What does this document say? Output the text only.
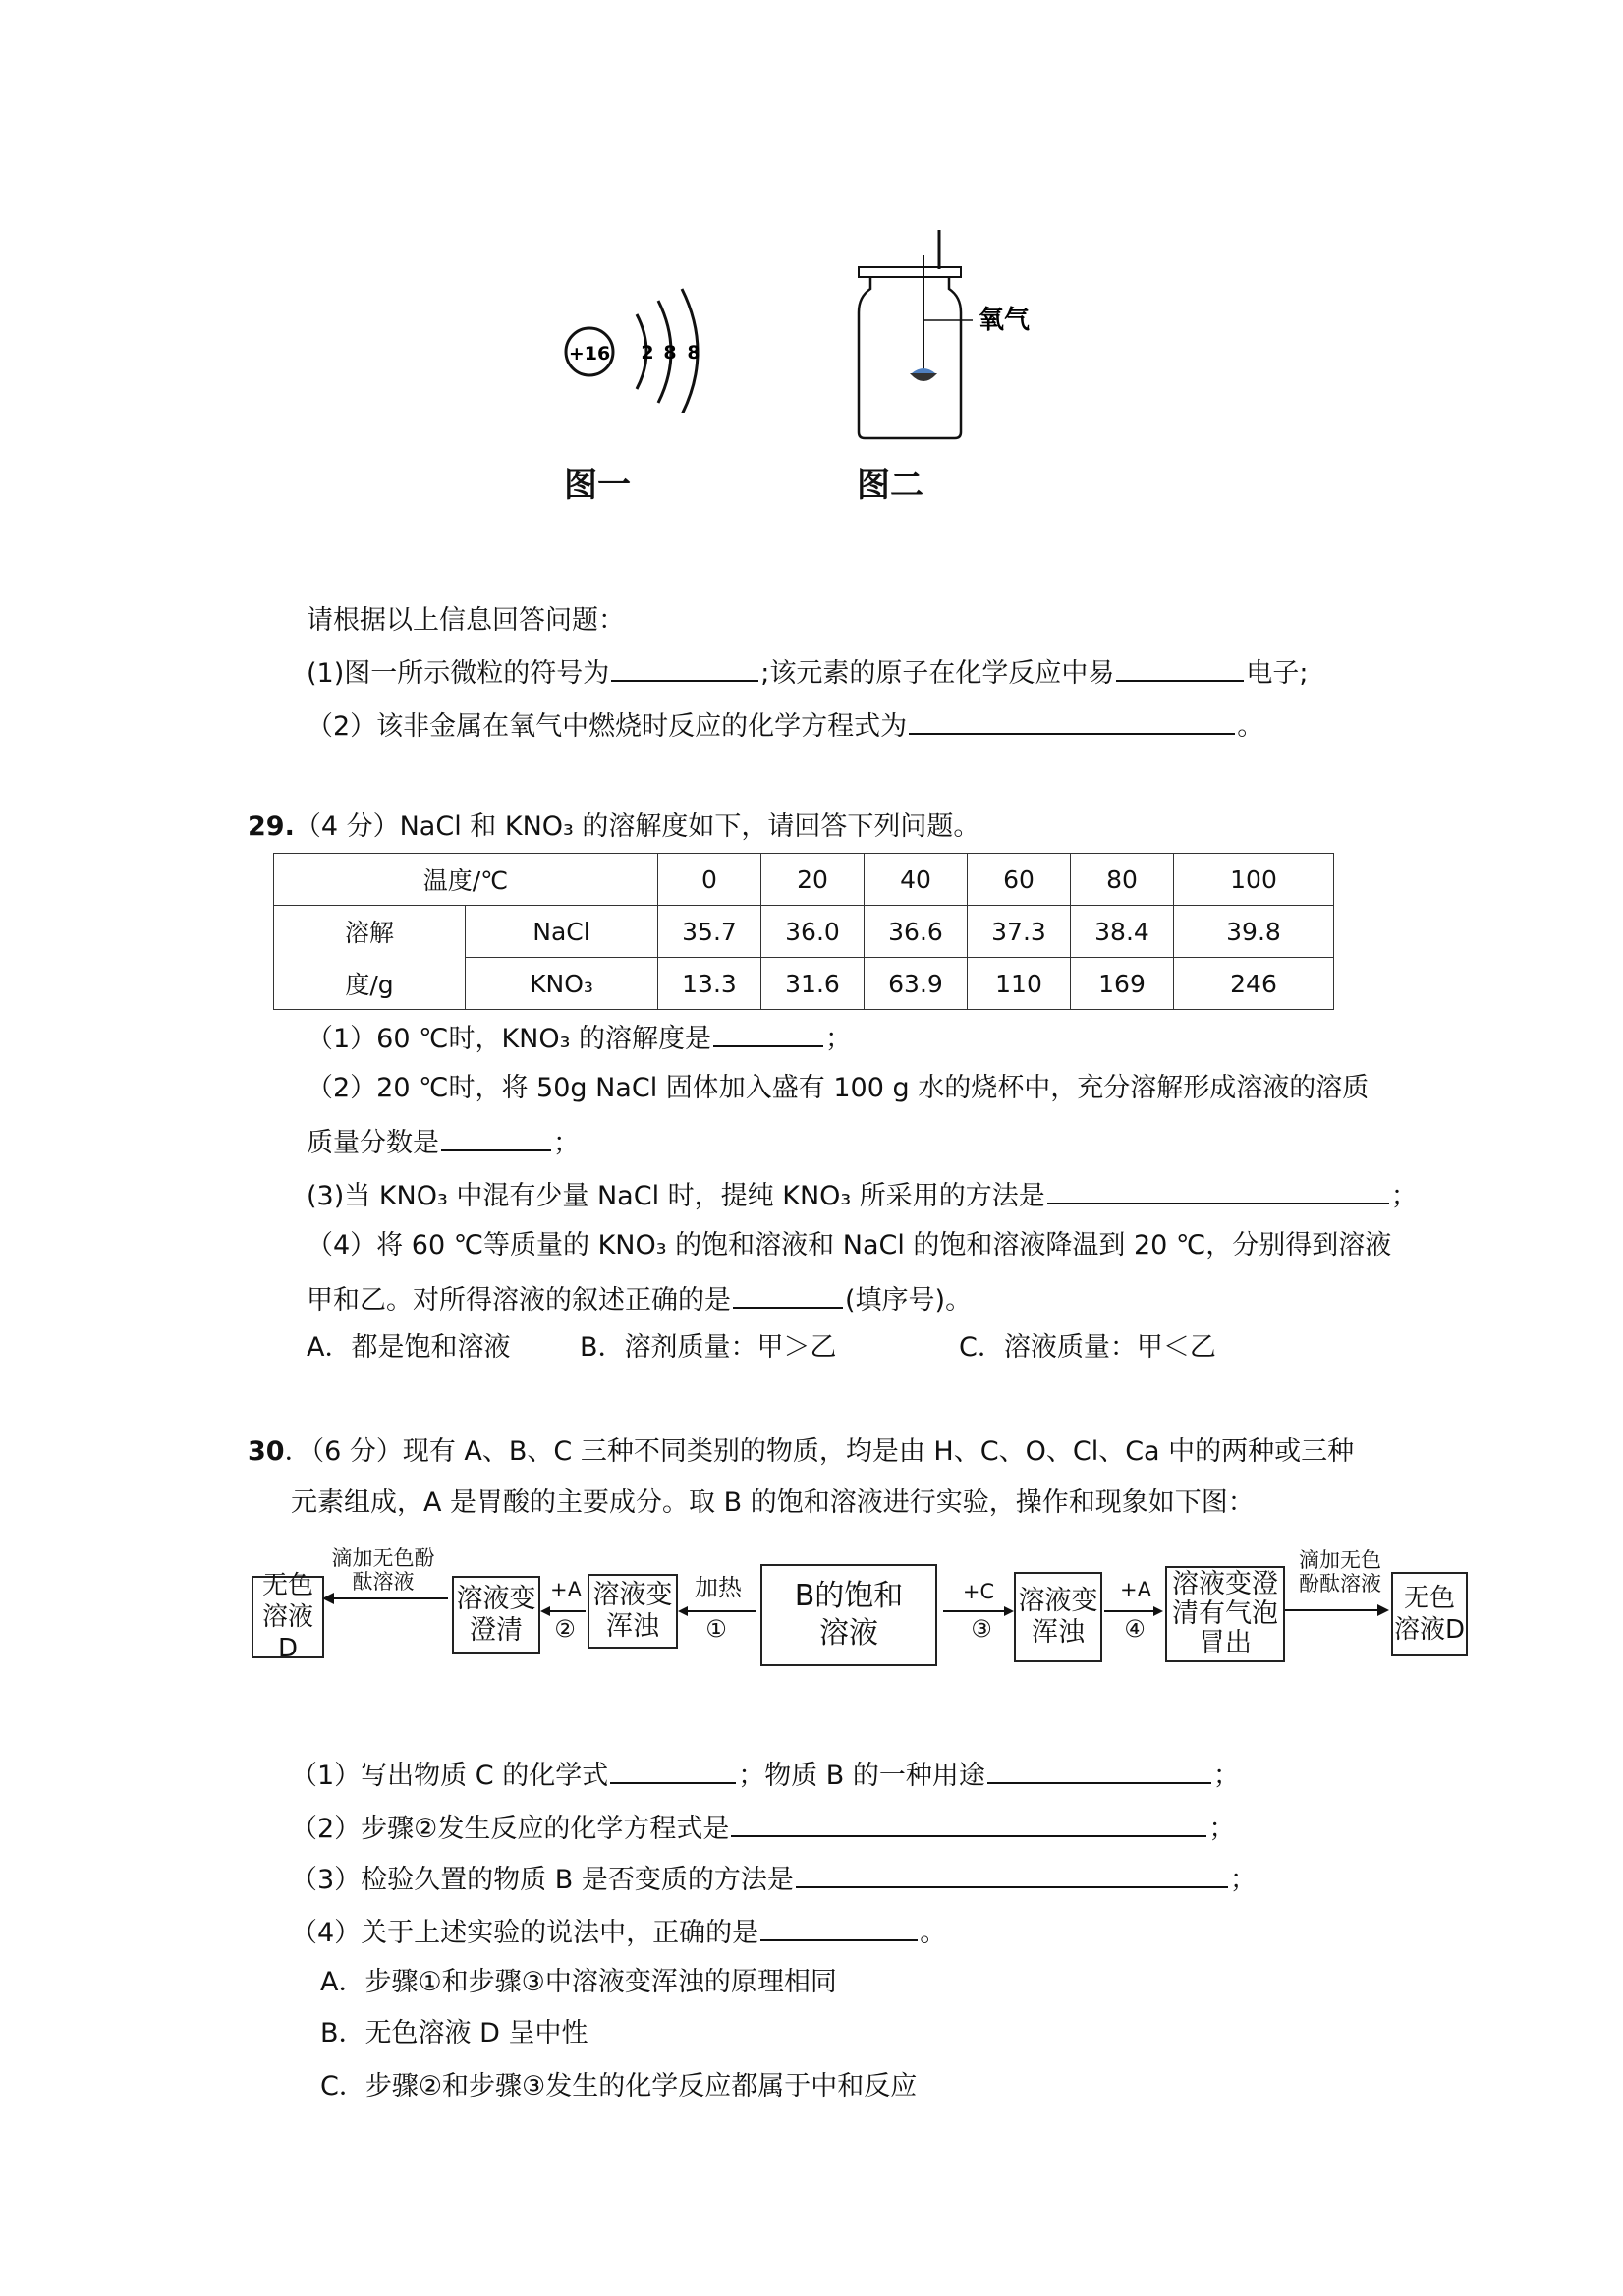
+16 2 8 8
氧气
图一	图二
请根据以上信息回答问题：
(1)图一所示微粒的符号为	;该元素的原子在化学反应中易	电子;
（2）该非金属在氧气中燃烧时反应的化学方程式为	。
29.（4 分）NaCl 和 KNO₃ 的溶解度如下，请回答下列问题。
温度/℃		0	20	40	60	80	100
溶解	NaCl	35.7	36.0	36.6	37.3	38.4	39.8
度/g	KNO₃	13.3	31.6	63.9	110	169	246
（1）60 ℃时，KNO₃ 的溶解度是	；
（2）20 ℃时，将 50g NaCl 固体加入盛有 100 g 水的烧杯中，充分溶解形成溶液的溶质
质量分数是	；
(3)当 KNO₃ 中混有少量 NaCl 时，提纯 KNO₃ 所采用的方法是	；
（4）将 60 ℃等质量的 KNO₃ 的饱和溶液和 NaCl 的饱和溶液降温到 20 ℃，分别得到溶液
甲和乙。对所得溶液的叙述正确的是	(填序号)。
A．都是饱和溶液	B．溶剂质量：甲＞乙	C．溶液质量：甲＜乙
30．（6 分）现有 A、B、C 三种不同类别的物质，均是由 H、C、O、Cl、Ca 中的两种或三种
元素组成，A 是胃酸的主要成分。取 B 的饱和溶液进行实验，操作和现象如下图：
无色溶液D
滴加无色酚酞溶液
溶液变澄清
+A
②
溶液变浑浊
加热
①
B的饱和溶液
+C
③
溶液变浑浊
+A
④
溶液变澄清有气泡冒出
滴加无色酚酞溶液 无色溶液D
（1）写出物质 C 的化学式	；物质 B 的一种用途	；
（2）步骤②发生反应的化学方程式是	；
（3）检验久置的物质 B 是否变质的方法是	；
（4）关于上述实验的说法中，正确的是	。
A．步骤①和步骤③中溶液变浑浊的原理相同
B．无色溶液 D 呈中性
C．步骤②和步骤③发生的化学反应都属于中和反应
